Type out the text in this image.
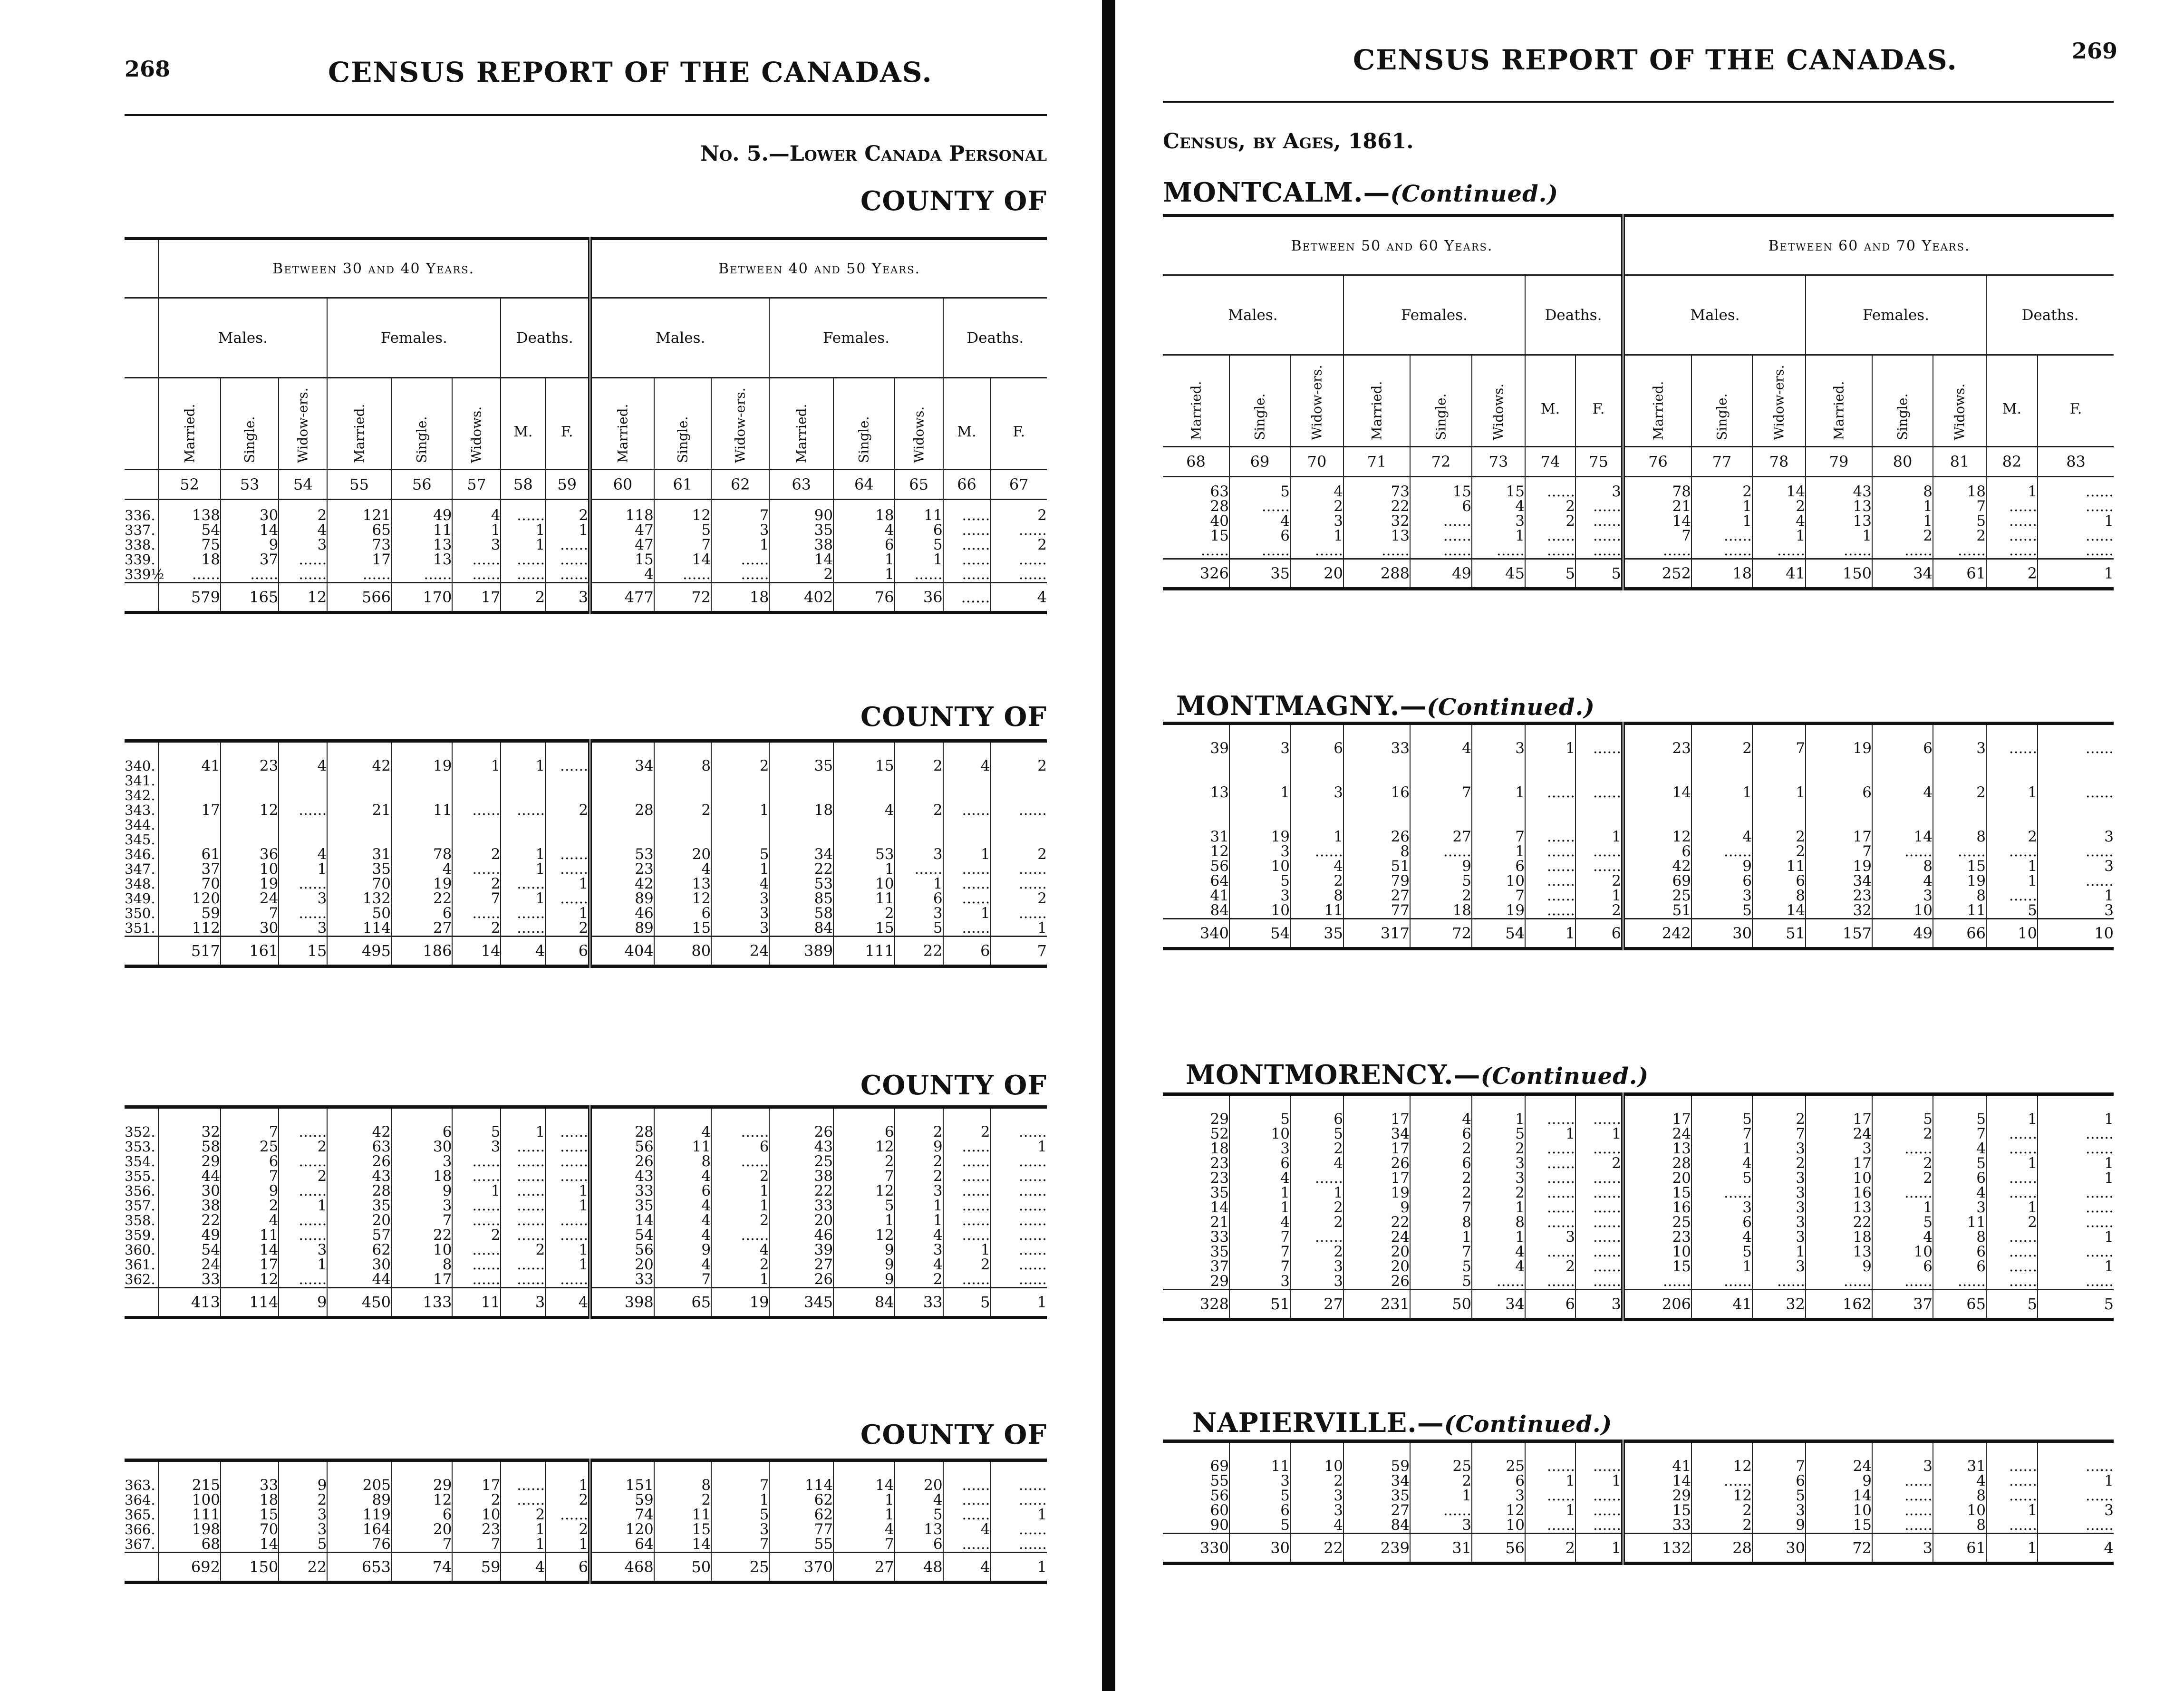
268	CENSUS REPORT OF THE CANADAS.
No. 5.—Lower Canada Personal
COUNTY OF
COUNTY OF
COUNTY OF
COUNTY OF
	Between 30 and 40 Years.								Between 40 and 50 Years.							
	Males.			Females.			Deaths.		Males.			Females.			Deaths.	

	Married.	Single.	Widow-ers.	Married.	Single.	Widows.	M.	F.	Married.	Single.	Widow-ers.	Married.	Single.	Widows.	M.	F.

	52	53	54	55	56	57	58	59	60	61	62	63	64	65	66	67

336.	138	30	2	121	49	4	......	2	118	12	7	90	18	11	......	2
337.	54	14	4	65	11	1	1	1	47	5	3	35	4	6	......	......
338.	75	9	3	73	13	3	1	......	47	7	1	38	6	5	......	2
339.	18	37	......	17	13	......	......	......	15	14	......	14	1	1	......	......
339½	......	......	......	......	......	......	......	......	4	......	......	2	1	......	......	......
	579	165	12	566	170	17	2	3	477	72	18	402	76	36	......	4

340.	41	23	4	42	19	1	1	......	34	8	2	35	15	2	4	2
341.																
342.																
343.	17	12	......	21	11	......	......	2	28	2	1	18	4	2	......	......
344.																
345.																
346.	61	36	4	31	78	2	1	......	53	20	5	34	53	3	1	2
347.	37	10	1	35	4	......	1	......	23	4	1	22	1	......	......	......
348.	70	19	......	70	19	2	......	1	42	13	4	53	10	1	......	......
349.	120	24	3	132	22	7	1	......	89	12	3	85	11	6	......	2
350.	59	7	......	50	6	......	......	1	46	6	3	58	2	3	1	......
351.	112	30	3	114	27	2	......	2	89	15	3	84	15	5	......	1
	517	161	15	495	186	14	4	6	404	80	24	389	111	22	6	7

352.	32	7	......	42	6	5	1	......	28	4	......	26	6	2	2	......
353.	58	25	2	63	30	3	......	......	56	11	6	43	12	9	......	1
354.	29	6	......	26	3	......	......	......	26	8	......	25	2	2	......	......
355.	44	7	2	43	18	......	......	......	43	4	2	38	7	2	......	......
356.	30	9	......	28	9	1	......	1	33	6	1	22	12	3	......	......
357.	38	2	1	35	3	......	......	1	35	4	1	33	5	1	......	......
358.	22	4	......	20	7	......	......	......	14	4	2	20	1	1	......	......
359.	49	11	......	57	22	2	......	......	54	4	......	46	12	4	......	......
360.	54	14	3	62	10	......	2	1	56	9	4	39	9	3	1	......
361.	24	17	1	30	8	......	......	1	20	4	2	27	9	4	2	......
362.	33	12	......	44	17	......	......	......	33	7	1	26	9	2	......	......
	413	114	9	450	133	11	3	4	398	65	19	345	84	33	5	1

363.	215	33	9	205	29	17	......	1	151	8	7	114	14	20	......	......
364.	100	18	2	89	12	2	......	2	59	2	1	62	1	4	......	......
365.	111	15	3	119	6	10	2	......	74	11	5	62	1	5	......	1
366.	198	70	3	164	20	23	1	2	120	15	3	77	4	13	4	......
367.	68	14	5	76	7	7	1	1	64	14	7	55	7	6	......	......
	692	150	22	653	74	59	4	6	468	50	25	370	27	48	4	1
CENSUS REPORT OF THE CANADAS.	269
Census, by Ages, 1861.
MONTCALM.—(Continued.)
MONTMAGNY.—(Continued.)
MONTMORENCY.—(Continued.)
NAPIERVILLE.—(Continued.)
Between 50 and 60 Years.								Between 60 and 70 Years.							
Males.			Females.			Deaths.		Males.			Females.			Deaths.	

Married.	Single.	Widow-ers.	Married.	Single.	Widows.	M.	F.	Married.	Single.	Widow-ers.	Married.	Single.	Widows.	M.	F.

68	69	70	71	72	73	74	75	76	77	78	79	80	81	82	83

63	5	4	73	15	15	......	3	78	2	14	43	8	18	1	......
28	......	2	22	6	4	2	......	21	1	2	13	1	7	......	......
40	4	3	32	......	3	2	......	14	1	4	13	1	5	......	1
15	6	1	13	......	1	......	......	7	......	1	1	2	2	......	......
......	......	......	......	......	......	......	......	......	......	......	......	......	......	......	......
326	35	20	288	49	45	5	5	252	18	41	150	34	61	2	1

39	3	6	33	4	3	1	......	23	2	7	19	6	3	......	......

13	1	3	16	7	1	......	......	14	1	1	6	4	2	1	......

31	19	1	26	27	7	......	1	12	4	2	17	14	8	2	3
12	3	......	8	......	1	......	......	6	......	2	7	......	......	......	......
56	10	4	51	9	6	......	......	42	9	11	19	8	15	1	3
64	5	2	79	5	10	......	2	69	6	6	34	4	19	1	......
41	3	8	27	2	7	......	1	25	3	8	23	3	8	......	1
84	10	11	77	18	19	......	2	51	5	14	32	10	11	5	3
340	54	35	317	72	54	1	6	242	30	51	157	49	66	10	10

29	5	6	17	4	1	......	......	17	5	2	17	5	5	1	1
52	10	5	34	6	5	1	1	24	7	7	24	2	7	......	......
18	3	2	17	2	2	......	......	13	1	3	3	......	4	......	......
23	6	4	26	6	3	......	2	28	4	2	17	2	5	1	1
23	4	......	17	2	3	......	......	20	5	3	10	2	6	......	1
35	1	1	19	2	2	......	......	15	......	3	16	......	4	......	......
14	1	2	9	7	1	......	......	16	3	3	13	1	3	1	......
21	4	2	22	8	8	......	......	25	6	3	22	5	11	2	......
33	7	......	24	1	1	3	......	23	4	3	18	4	8	......	1
35	7	2	20	7	4	......	......	10	5	1	13	10	6	......	......
37	7	3	20	5	4	2	......	15	1	3	9	6	6	......	1
29	3	3	26	5	......	......	......	......	......	......	......	......	......	......	......
328	51	27	231	50	34	6	3	206	41	32	162	37	65	5	5

69	11	10	59	25	25	......	......	41	12	7	24	3	31	......	......
55	3	2	34	2	6	1	1	14	......	6	9	......	4	......	1
56	5	3	35	1	3	......	......	29	12	5	14	......	8	......	......
60	6	3	27	......	12	1	......	15	2	3	10	......	10	1	3
90	5	4	84	3	10	......	......	33	2	9	15	......	8	......	......
330	30	22	239	31	56	2	1	132	28	30	72	3	61	1	4
